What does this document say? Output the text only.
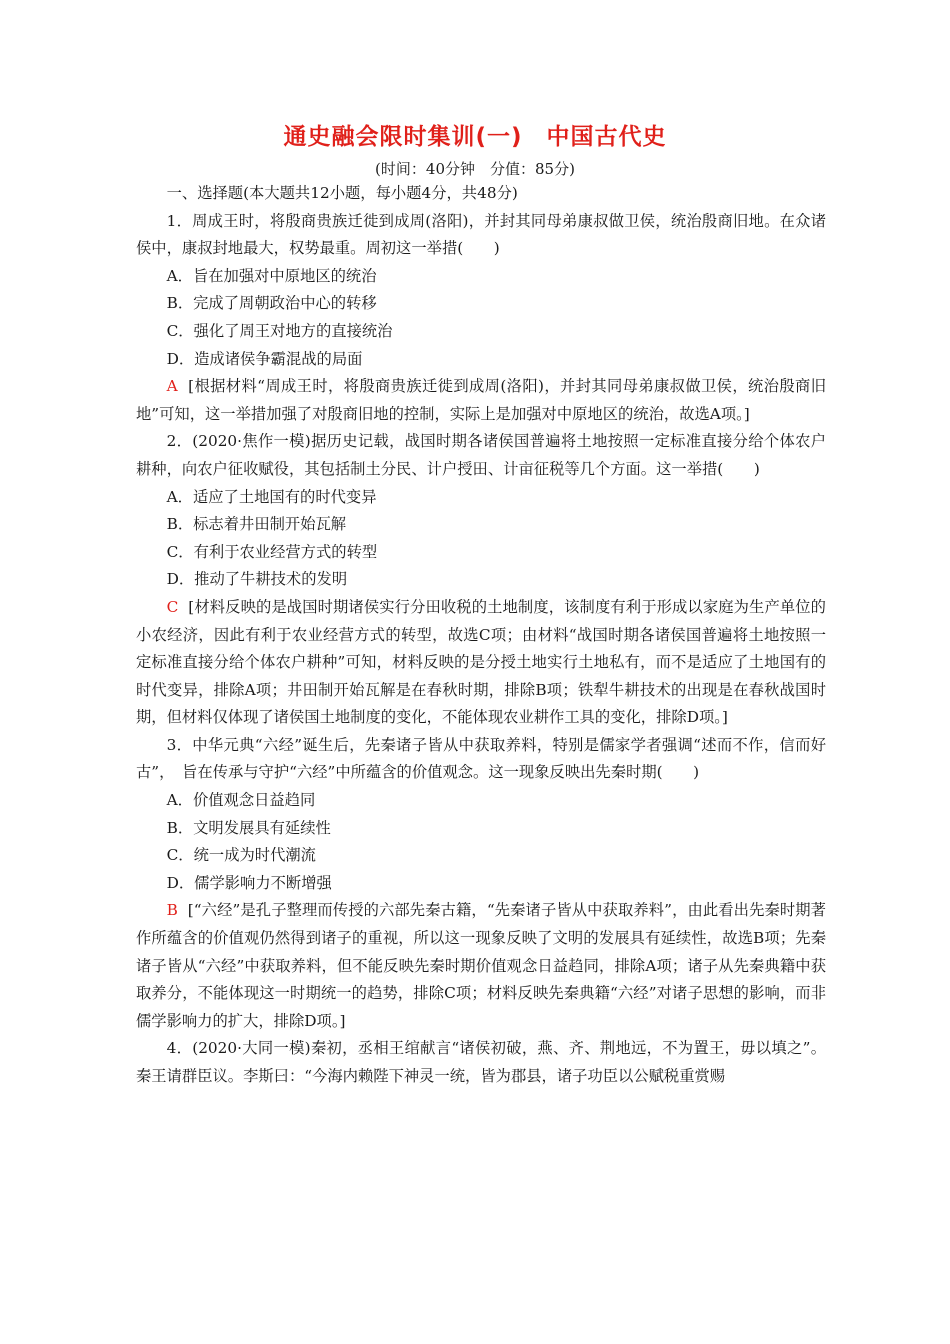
通史融会限时集训(一)　中国古代史
(时间：40分钟　分值：85分)

一、选择题(本大题共12小题，每小题4分，共48分)

1．周成王时，将殷商贵族迁徙到成周(洛阳)，并封其同母弟康叔做卫侯，统治殷商旧地。在众诸侯中，康叔封地最大，权势最重。周初这一举措(　　)

A．旨在加强对中原地区的统治

B．完成了周朝政治中心的转移

C．强化了周王对地方的直接统治

D．造成诸侯争霸混战的局面

A [根据材料“周成王时，将殷商贵族迁徙到成周(洛阳)，并封其同母弟康叔做卫侯，统治殷商旧地”可知，这一举措加强了对殷商旧地的控制，实际上是加强对中原地区的统治，故选A项。]

2．(2020·焦作一模)据历史记载，战国时期各诸侯国普遍将土地按照一定标准直接分给个体农户耕种，向农户征收赋役，其包括制土分民、计户授田、计亩征税等几个方面。这一举措(　　)

A．适应了土地国有的时代变异

B．标志着井田制开始瓦解

C．有利于农业经营方式的转型

D．推动了牛耕技术的发明

C [材料反映的是战国时期诸侯实行分田收税的土地制度，该制度有利于形成以家庭为生产单位的小农经济，因此有利于农业经营方式的转型，故选C项；由材料“战国时期各诸侯国普遍将土地按照一定标准直接分给个体农户耕种”可知，材料反映的是分授土地实行土地私有，而不是适应了土地国有的时代变异，排除A项；井田制开始瓦解是在春秋时期，排除B项；铁犁牛耕技术的出现是在春秋战国时期，但材料仅体现了诸侯国土地制度的变化，不能体现农业耕作工具的变化，排除D项。]

3．中华元典“六经”诞生后，先秦诸子皆从中获取养料，特别是儒家学者强调“述而不作，信而好古”，　旨在传承与守护“六经”中所蕴含的价值观念。这一现象反映出先秦时期(　　)

A．价值观念日益趋同

B．文明发展具有延续性

C．统一成为时代潮流

D．儒学影响力不断增强

B [“六经”是孔子整理而传授的六部先秦古籍，“先秦诸子皆从中获取养料”，由此看出先秦时期著作所蕴含的价值观仍然得到诸子的重视，所以这一现象反映了文明的发展具有延续性，故选B项；先秦诸子皆从“六经”中获取养料，但不能反映先秦时期价值观念日益趋同，排除A项；诸子从先秦典籍中获取养分，不能体现这一时期统一的趋势，排除C项；材料反映先秦典籍“六经”对诸子思想的影响，而非儒学影响力的扩大，排除D项。]

4．(2020·大同一模)秦初，丞相王绾献言“诸侯初破，燕、齐、荆地远，不为置王，毋以填之”。秦王请群臣议。李斯曰：“今海内赖陛下神灵一统，皆为郡县，诸子功臣以公赋税重赏赐
